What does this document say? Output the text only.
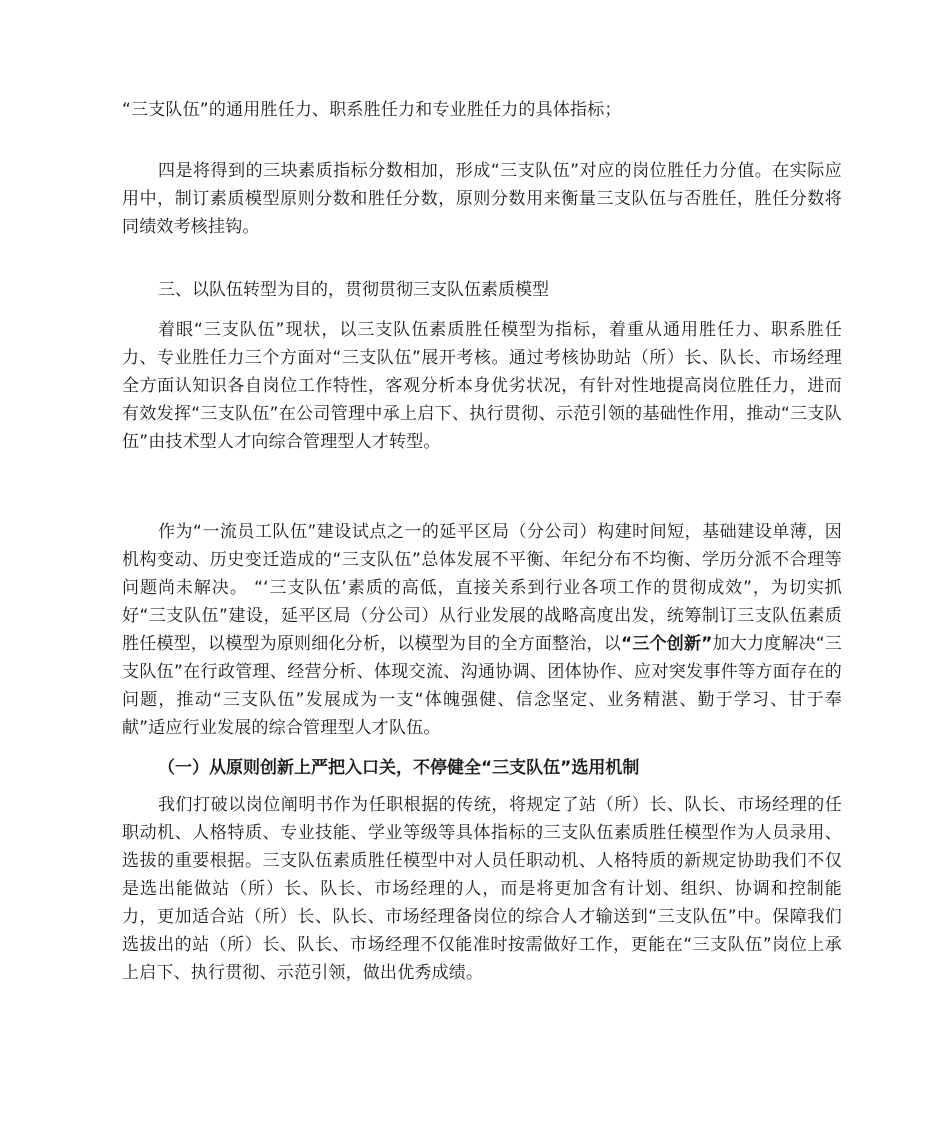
“三支队伍”的通用胜任力、职系胜任力和专业胜任力的具体指标；

四是将得到的三块素质指标分数相加，形成“三支队伍”对应的岗位胜任力分值。在实际应用中，制订素质模型原则分数和胜任分数，原则分数用来衡量三支队伍与否胜任，胜任分数将同绩效考核挂钩。

三、以队伍转型为目的，贯彻贯彻三支队伍素质模型

着眼“三支队伍”现状，以三支队伍素质胜任模型为指标，着重从通用胜任力、职系胜任力、专业胜任力三个方面对“三支队伍”展开考核。通过考核协助站（所）长、队长、市场经理全方面认知识各自岗位工作特性，客观分析本身优劣状况，有针对性地提高岗位胜任力，进而有效发挥“三支队伍”在公司管理中承上启下、执行贯彻、示范引领的基础性作用，推动“三支队伍”由技术型人才向综合管理型人才转型。

作为“一流员工队伍”建设试点之一的延平区局（分公司）构建时间短，基础建设单薄，因机构变动、历史变迁造成的“三支队伍”总体发展不平衡、年纪分布不均衡、学历分派不合理等问题尚未解决。 “‘三支队伍’素质的高低，直接关系到行业各项工作的贯彻成效”，为切实抓好“三支队伍”建设，延平区局（分公司）从行业发展的战略高度出发，统筹制订三支队伍素质胜任模型，以模型为原则细化分析，以模型为目的全方面整治，以“三个创新”加大力度解决“三支队伍”在行政管理、经营分析、体现交流、沟通协调、团体协作、应对突发事件等方面存在的问题，推动“三支队伍”发展成为一支“体魄强健、信念坚定、业务精湛、勤于学习、甘于奉献”适应行业发展的综合管理型人才队伍。

（一）从原则创新上严把入口关，不停健全“三支队伍”选用机制

我们打破以岗位阐明书作为任职根据的传统，将规定了站（所）长、队长、市场经理的任职动机、人格特质、专业技能、学业等级等具体指标的三支队伍素质胜任模型作为人员录用、选拔的重要根据。三支队伍素质胜任模型中对人员任职动机、人格特质的新规定协助我们不仅是选出能做站（所）长、队长、市场经理的人，而是将更加含有计划、组织、协调和控制能力，更加适合站（所）长、队长、市场经理备岗位的综合人才输送到“三支队伍”中。保障我们选拔出的站（所）长、队长、市场经理不仅能准时按需做好工作，更能在“三支队伍”岗位上承上启下、执行贯彻、示范引领，做出优秀成绩。
